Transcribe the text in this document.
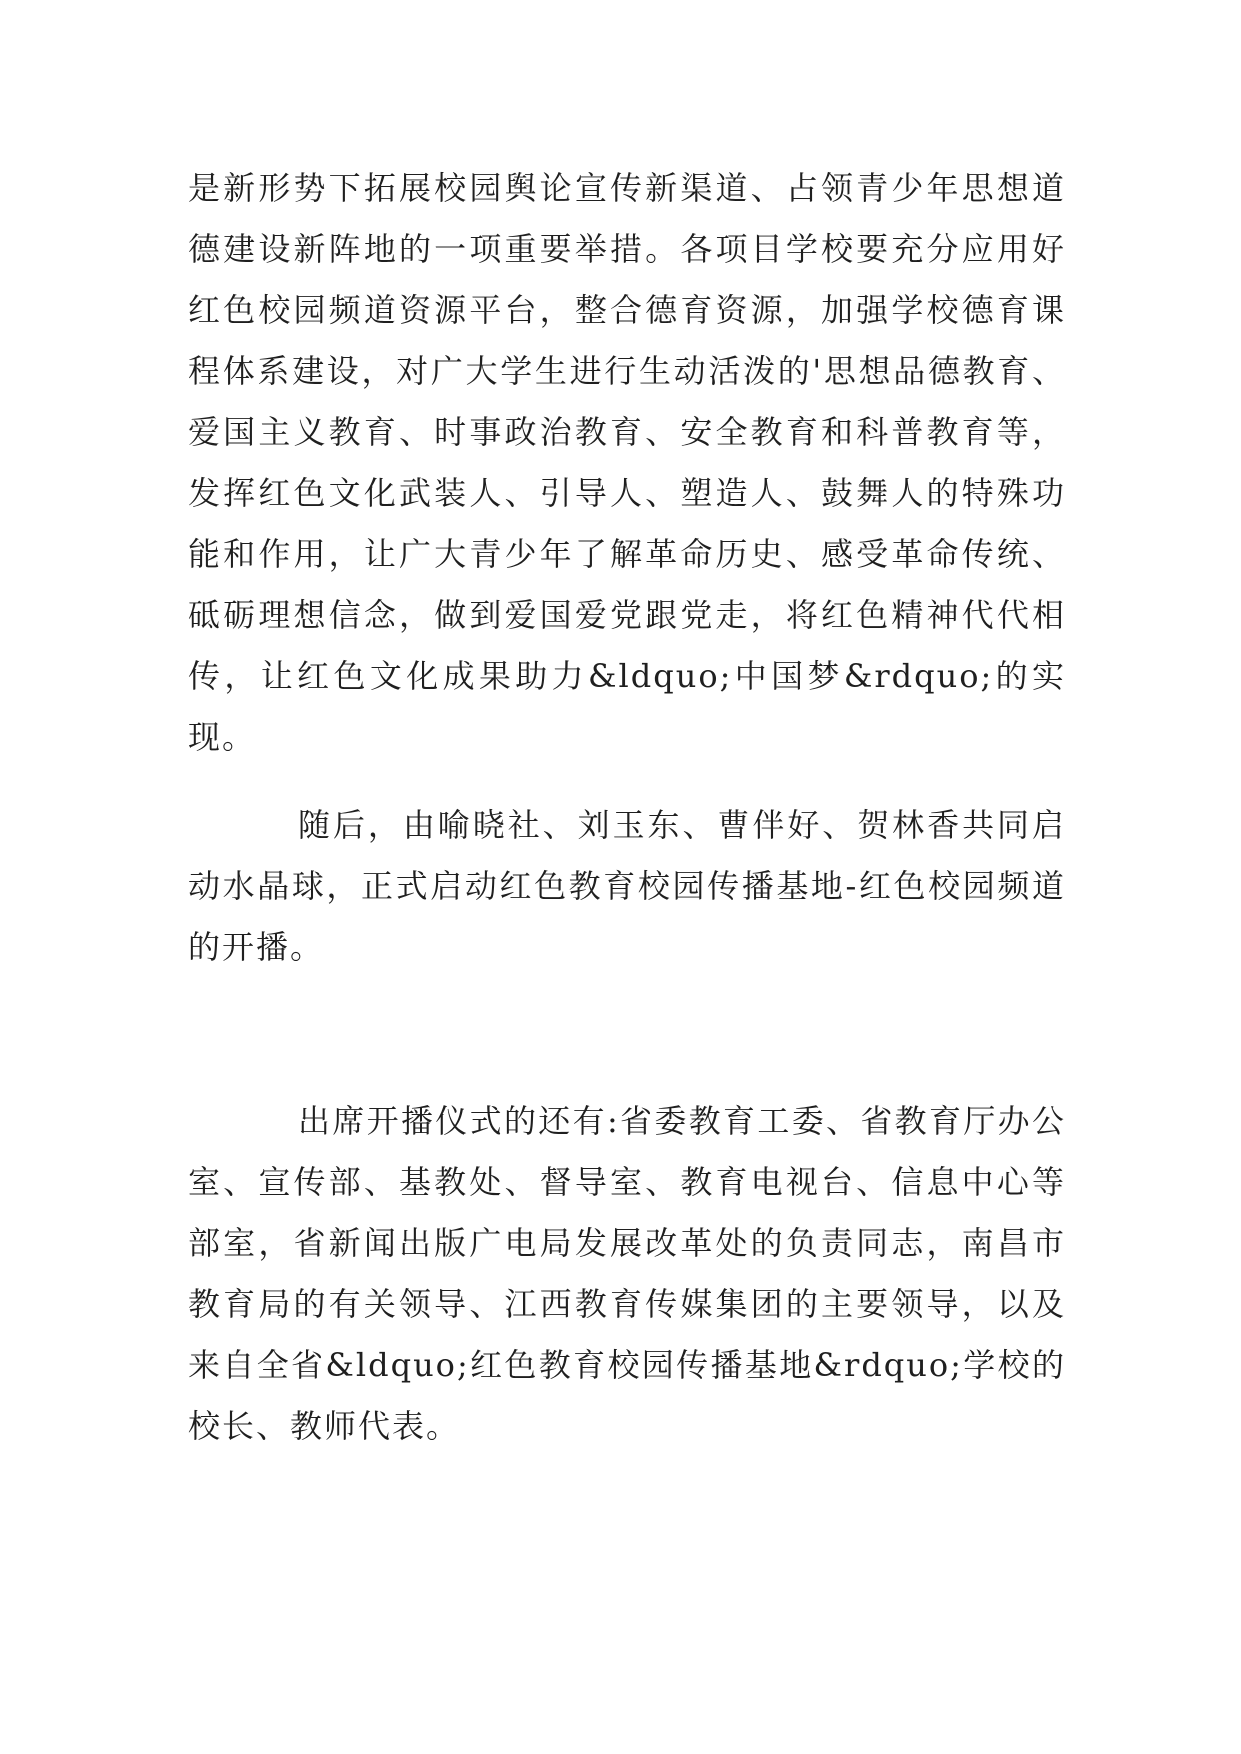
是新形势下拓展校园舆论宣传新渠道、占领青少年思想道德建设新阵地的一项重要举措。各项目学校要充分应用好红色校园频道资源平台，整合德育资源，加强学校德育课程体系建设，对广大学生进行生动活泼的'思想品德教育、爱国主义教育、时事政治教育、安全教育和科普教育等，发挥红色文化武装人、引导人、塑造人、鼓舞人的特殊功能和作用，让广大青少年了解革命历史、感受革命传统、砥砺理想信念，做到爱国爱党跟党走，将红色精神代代相传，让红色文化成果助力&ldquo;中国梦&rdquo;的实现。

随后，由喻晓社、刘玉东、曹伴好、贺林香共同启动水晶球，正式启动红色教育校园传播基地-红色校园频道的开播。

出席开播仪式的还有:省委教育工委、省教育厅办公室、宣传部、基教处、督导室、教育电视台、信息中心等部室，省新闻出版广电局发展改革处的负责同志，南昌市教育局的有关领导、江西教育传媒集团的主要领导，以及来自全省&ldquo;红色教育校园传播基地&rdquo;学校的校长、教师代表。
